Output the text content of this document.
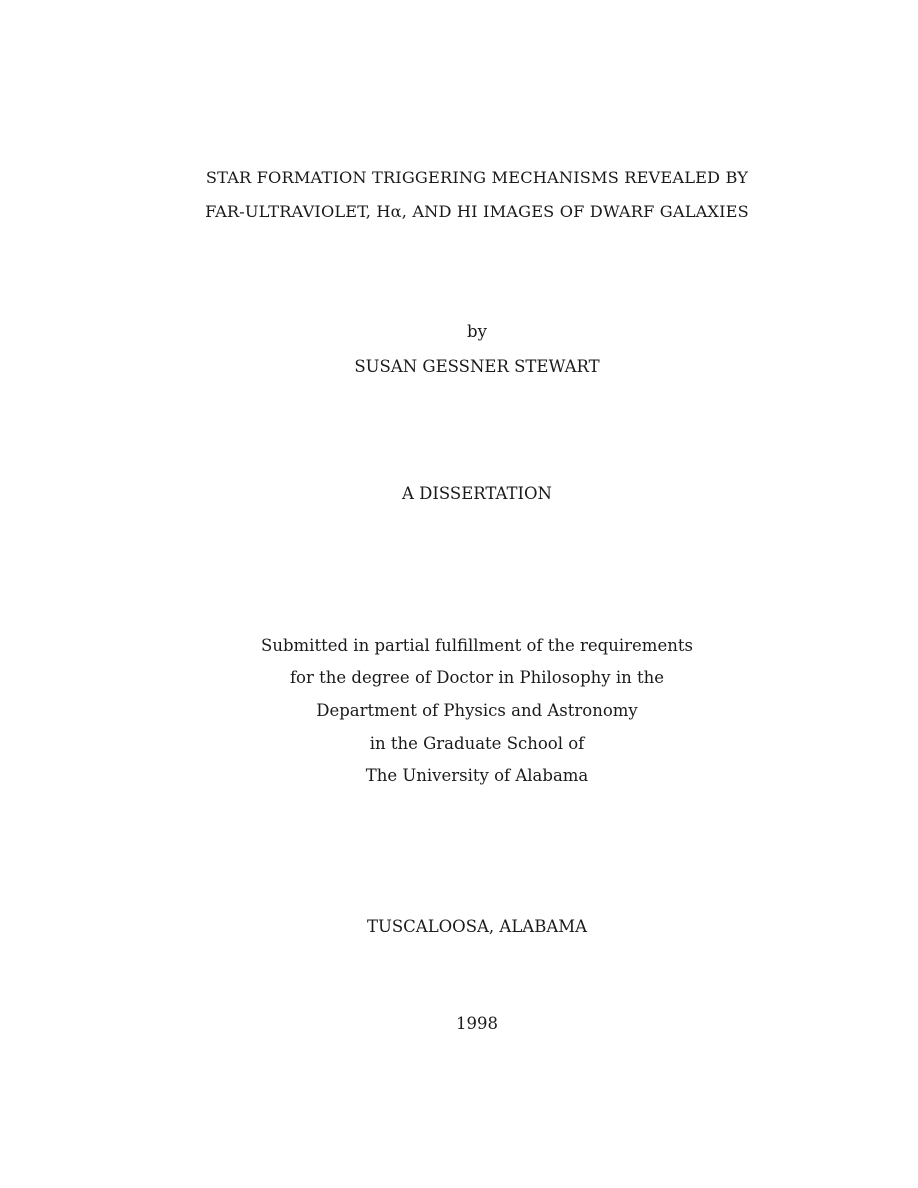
STAR FORMATION TRIGGERING MECHANISMS REVEALED BY
FAR-ULTRAVIOLET, Hα, AND HI IMAGES OF DWARF GALAXIES
by
SUSAN GESSNER STEWART
A DISSERTATION
Submitted in partial fulfillment of the requirements
for the degree of Doctor in Philosophy in the
Department of Physics and Astronomy
in the Graduate School of
The University of Alabama
TUSCALOOSA, ALABAMA
1998
